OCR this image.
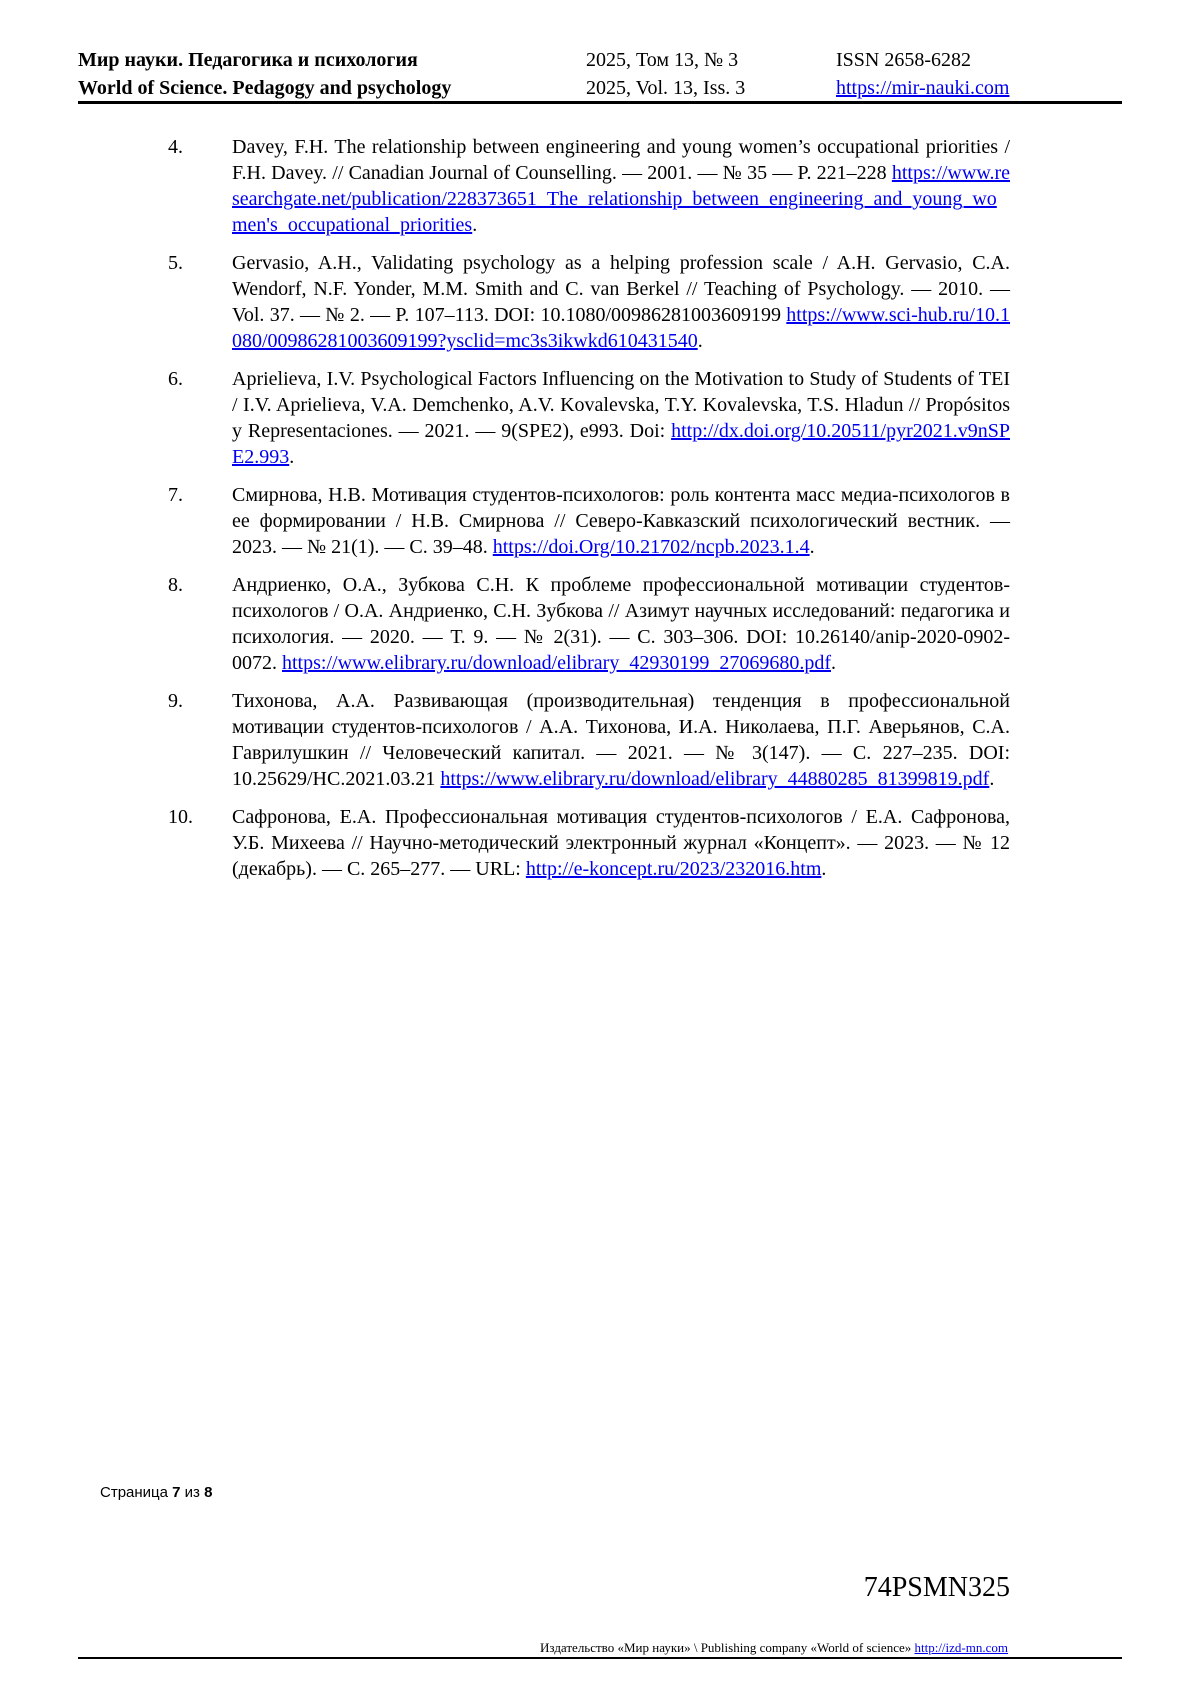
Мир науки. Педагогика и психология
World of Science. Pedagogy and psychology
2025, Том 13, № 3
2025, Vol. 13, Iss. 3
ISSN 2658-6282
https://mir-nauki.com
4.	Davey, F.H. The relationship between engineering and young women’s occupational priorities / F.H. Davey. // Canadian Journal of Counselling. — 2001. — № 35 — P. 221–228 https://www.researchgate.net/publication/228373651_The_relationship_between_engineering_and_young_women's_occupational_priorities.
5.	Gervasio, A.H., Validating psychology as a helping profession scale / A.H. Gervasio, C.A. Wendorf, N.F. Yonder, M.M. Smith and C. van Berkel // Teaching of Psychology. — 2010. — Vol. 37. — № 2. — P. 107–113. DOI: 10.1080/00986281003609199 https://www.sci-hub.ru/10.1080/00986281003609199?ysclid=mc3s3ikwkd610431540.
6.	Aprielieva, I.V. Psychological Factors Influencing on the Motivation to Study of Students of TEI / I.V. Aprielieva, V.A. Demchenko, A.V. Kovalevska, T.Y. Kovalevska, T.S. Hladun // Propósitos y Representaciones. — 2021. — 9(SPE2), e993. Doi: http://dx.doi.org/10.20511/pyr2021.v9nSPE2.993.
7.	Смирнова, Н.В. Мотивация студентов-психологов: роль контента масс медиа-психологов в ее формировании / Н.В. Смирнова // Северо-Кавказский психологический вестник. — 2023. — № 21(1). — С. 39–48. https://doi.Org/10.21702/ncpb.2023.1.4.
8.	Андриенко, О.А., Зубкова С.Н. К проблеме профессиональной мотивации студентов-психологов / О.А. Андриенко, С.Н. Зубкова // Азимут научных исследований: педагогика и психология. — 2020. — Т. 9. — № 2(31). — С. 303–306. DOI: 10.26140/anip-2020-0902-0072. https://www.elibrary.ru/download/elibrary_42930199_27069680.pdf.
9.	Тихонова, А.А. Развивающая (производительная) тенденция в профессиональной мотивации студентов-психологов / А.А. Тихонова, И.А. Николаева, П.Г. Аверьянов, С.А. Гаврилушкин // Человеческий капитал. — 2021. — № 3(147). — С. 227–235. DOI: 10.25629/HC.2021.03.21 https://www.elibrary.ru/download/elibrary_44880285_81399819.pdf.
10.	Сафронова, Е.А. Профессиональная мотивация студентов-психологов / Е.А. Сафронова, У.Б. Михеева // Научно-методический электронный журнал «Концепт». — 2023. — № 12 (декабрь). — С. 265–277. — URL: http://e-koncept.ru/2023/232016.htm.
Страница 7 из 8
74PSMN325
Издательство «Мир науки» \ Publishing company «World of science» http://izd-mn.com
